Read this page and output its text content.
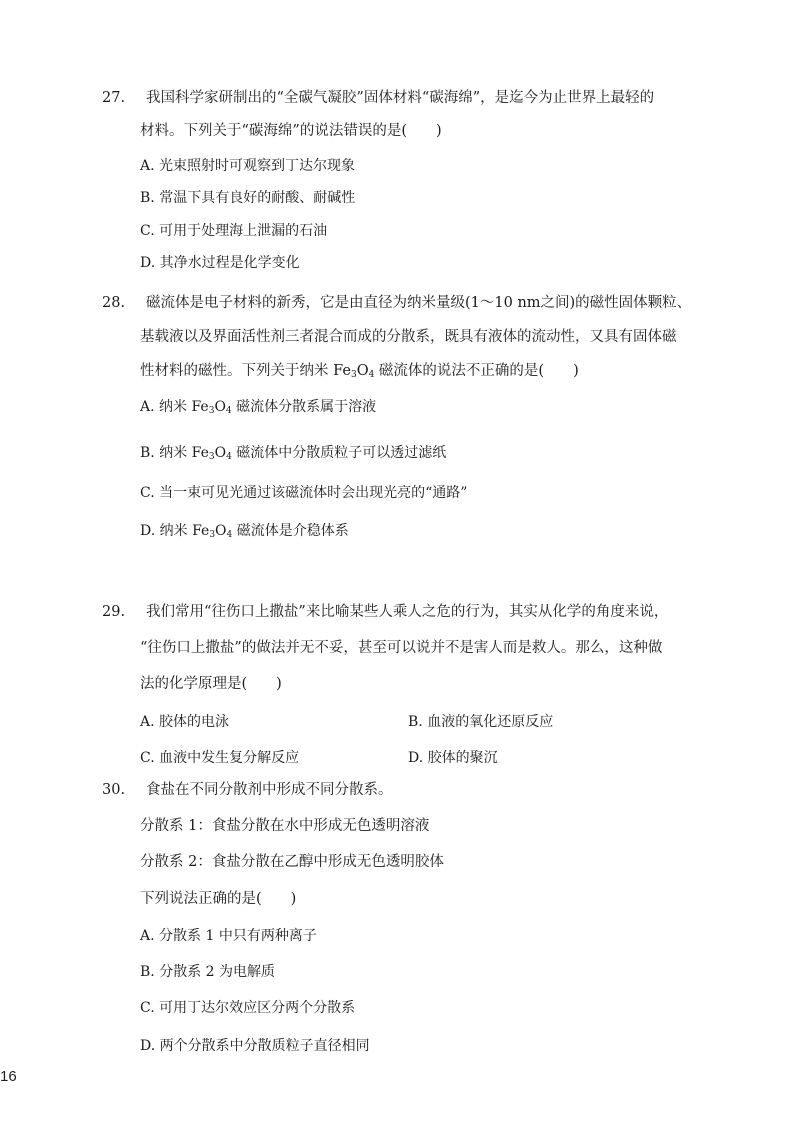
27. 我国科学家研制出的“全碳气凝胶”固体材料“碳海绵”，是迄今为止世界上最轻的
材料。下列关于“碳海绵”的说法错误的是(　　)
A. 光束照射时可观察到丁达尔现象
B. 常温下具有良好的耐酸、耐碱性
C. 可用于处理海上泄漏的石油
D. 其净水过程是化学变化
28. 磁流体是电子材料的新秀，它是由直径为纳米量级(1～10 nm之间)的磁性固体颗粒、
基载液以及界面活性剂三者混合而成的分散系，既具有液体的流动性，又具有固体磁
性材料的磁性。下列关于纳米 $Fe_3O_4$ 磁流体的说法不正确的是(　　)
A. 纳米 $Fe_3O_4$ 磁流体分散系属于溶液
B. 纳米 $Fe_3O_4$ 磁流体中分散质粒子可以透过滤纸
C. 当一束可见光通过该磁流体时会出现光亮的“通路”
D. 纳米 $Fe_3O_4$ 磁流体是介稳体系
29. 我们常用“往伤口上撒盐”来比喻某些人乘人之危的行为，其实从化学的角度来说，
“往伤口上撒盐”的做法并无不妥，甚至可以说并不是害人而是救人。那么，这种做
法的化学原理是(　　)
A. 胶体的电泳	B. 血液的氧化还原反应
C. 血液中发生复分解反应	D. 胶体的聚沉
30. 食盐在不同分散剂中形成不同分散系。
分散系 1：食盐分散在水中形成无色透明溶液
分散系 2：食盐分散在乙醇中形成无色透明胶体
下列说法正确的是(　　)
A. 分散系 1 中只有两种离子
B. 分散系 2 为电解质
C. 可用丁达尔效应区分两个分散系
D. 两个分散系中分散质粒子直径相同
16
